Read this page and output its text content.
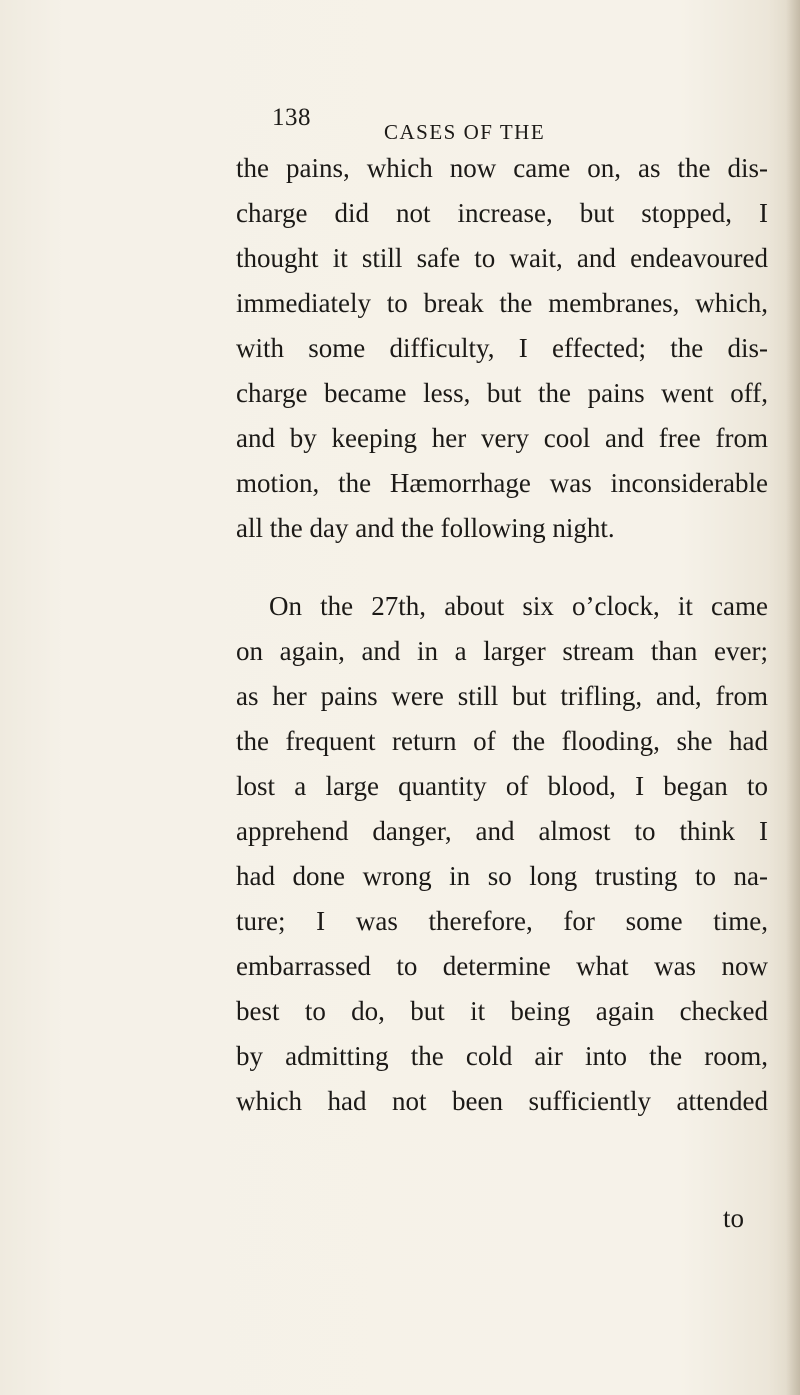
138
CASES OF THE
the pains, which now came on, as the dis-
charge did not increase, but stopped, I
thought it still safe to wait, and endeavoured
immediately to break the membranes, which,
with some difficulty, I effected; the dis-
charge became less, but the pains went off,
and by keeping her very cool and free from
motion, the Hæmorrhage was inconsiderable
all the day and the following night.
On the 27th, about six o’clock, it came
on again, and in a larger stream than ever;
as her pains were still but trifling, and, from
the frequent return of the flooding, she had
lost a large quantity of blood, I began to
apprehend danger, and almost to think I
had done wrong in so long trusting to na-
ture; I was therefore, for some time,
embarrassed to determine what was now
best to do, but it being again checked
by admitting the cold air into the room,
which had not been sufficiently attended
to
